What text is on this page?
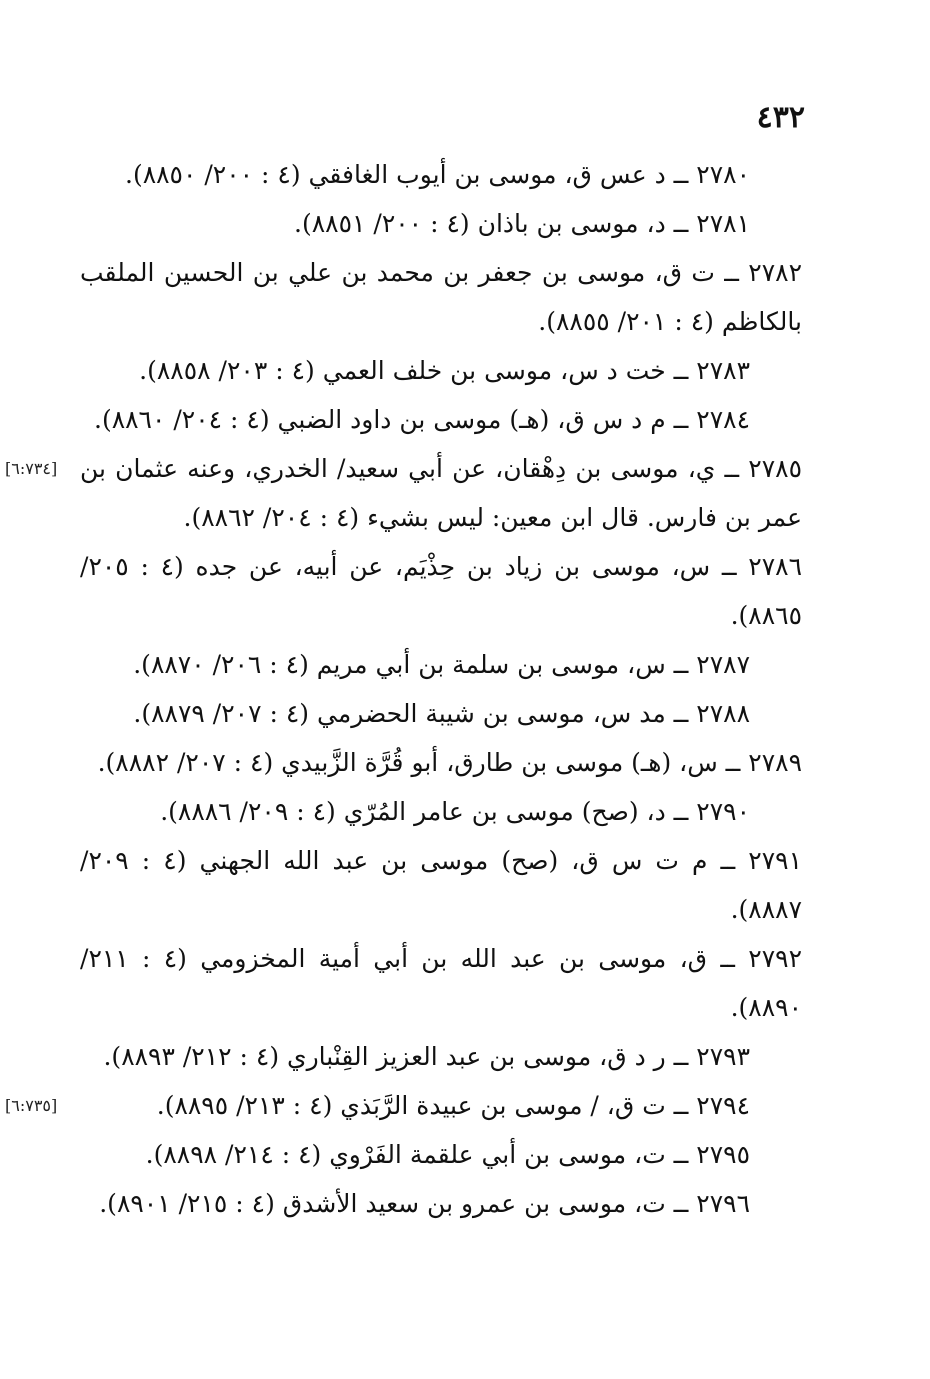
٤٣٢
٢٧٨٠ ــ د عس ق، موسى بن أيوب الغافقي (٤ : ٢٠٠/ ٨٨٥٠).
٢٧٨١ ــ د، موسى بن باذان (٤ : ٢٠٠/ ٨٨٥١).
٢٧٨٢ ــ ت ق، موسى بن جعفر بن محمد بن علي بن الحسين الملقب بالكاظم (٤ : ٢٠١/ ٨٨٥٥).
٢٧٨٣ ــ خت د س، موسى بن خلف العمي (٤ : ٢٠٣/ ٨٨٥٨).
٢٧٨٤ ــ م د س ق، (هـ) موسى بن داود الضبي (٤ : ٢٠٤/ ٨٨٦٠).
[٦:٧٣٤] ٢٧٨٥ ــ ي، موسى بن دِهْقان، عن أبي سعيد/ الخدري، وعنه عثمان بن عمر بن فارس. قال ابن معين: ليس بشيء (٤ : ٢٠٤/ ٨٨٦٢).
٢٧٨٦ ــ س، موسى بن زياد بن حِذْيَم، عن أبيه، عن جده (٤ : ٢٠٥/ ٨٨٦٥).
٢٧٨٧ ــ س، موسى بن سلمة بن أبي مريم (٤ : ٢٠٦/ ٨٨٧٠).
٢٧٨٨ ــ مد س، موسى بن شيبة الحضرمي (٤ : ٢٠٧/ ٨٨٧٩).
٢٧٨٩ ــ س، (هـ) موسى بن طارق، أبو قُرَّة الزَّبيدي (٤ : ٢٠٧/ ٨٨٨٢).
٢٧٩٠ ــ د، (صح) موسى بن عامر المُرّي (٤ : ٢٠٩/ ٨٨٨٦).
٢٧٩١ ــ م ت س ق، (صح) موسى بن عبد الله الجهني (٤ : ٢٠٩/ ٨٨٨٧).
٢٧٩٢ ــ ق، موسى بن عبد الله بن أبي أمية المخزومي (٤ : ٢١١/ ٨٨٩٠).
٢٧٩٣ ــ ر د ق، موسى بن عبد العزيز القِنْباري (٤ : ٢١٢/ ٨٨٩٣).
[٦:٧٣٥]	٢٧٩٤ ــ ت ق، / موسى بن عبيدة الرَّبَذي (٤ : ٢١٣/ ٨٨٩٥).
٢٧٩٥ ــ ت، موسى بن أبي علقمة الفَرْوي (٤ : ٢١٤/ ٨٨٩٨).
٢٧٩٦ ــ ت، موسى بن عمرو بن سعيد الأشدق (٤ : ٢١٥/ ٨٩٠١).
